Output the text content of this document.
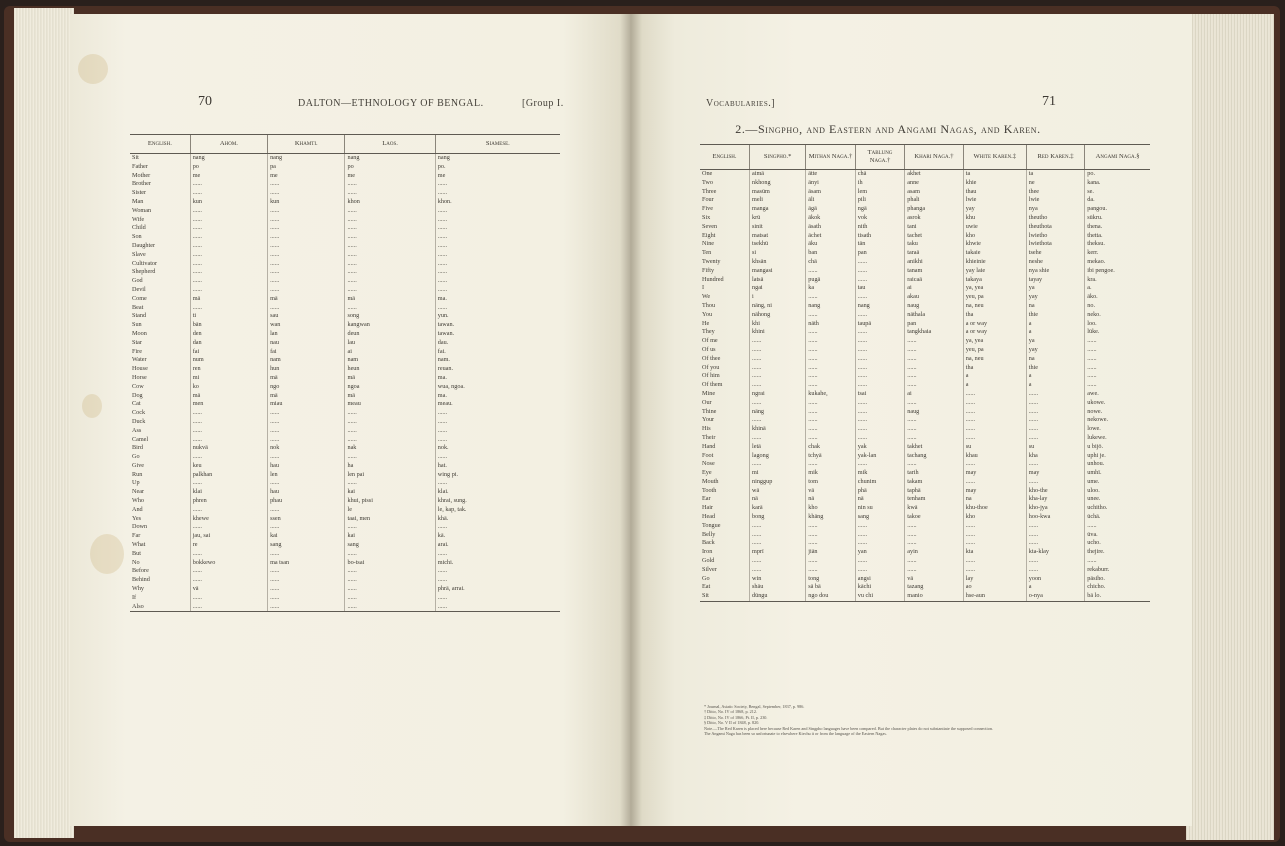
70	DALTON—ETHNOLOGY OF BENGAL.	[Group I.
English.	Ahom.	Khamti.	Laos.	Siamese.
Sit	nang	nang	nang	nang
Father	po	pa	po	po.
Mother	me	me	me	me
Brother	......	......	......	......
Sister	......	......	......	......
Man	kun	kun	khon	khon.
Woman	......	......	......	......
Wife	......	......	......	......
Child	......	......	......	......
Son	......	......	......	......
Daughter	......	......	......	......
Slave	......	......	......	......
Cultivator	......	......	......	......
Shepherd	......	......	......	......
God	......	......	......	......
Devil	......	......	......	......
Come	mā	mā	mā	ma.
Beat	......	......	......	......
Stand	ti	sau	song	yun.
Sun	bān	wan	kangwan	tawan.
Moon	den	lan	deun	tawan.
Star	dan	nau	lau	dau.
Fire	fai	fai	ai	fai.
Water	num	nam	nam	nam.
House	ren	hun	heun	reuan.
Horse	mi	mā	mā	ma.
Cow	ko	ngo	ngoa	wua, ngoa.
Dog	mā	mā	mā	ma.
Cat	men	miau	meau	meau.
Cock	......	......	......	......
Duck	......	......	......	......
Ass	......	......	......	......
Camel	......	......	......	......
Bird	nukvā	nok	nak	nok.
Go	......	......	......	......
Give	keu	hau	ha	hat.
Run	palkhan	len	len pai	wing pi.
Up	......	......	......	......
Near	klai	hau	kai	klai.
Who	phren	phau	khui, pissi	khrai, sung.
And	......	......	le	le, kap, tak.
Yes	khewe	ssen	taai, men	khā.
Down	......	......	......	......
Far	jau, sai	kai	kai	kā.
What	re	sang	sang	arai.
But	......	......	......	......
No	bokkewo	ma tsan	bo-tsai	michi.
Before	......	......	......	......
Behind	......	......	......	......
Why	vā	......	......	phrā, arrai.
If	......	......	......	......
Also	......	......	......	......
Vocabularies.]	71
2.—Singpho, and Eastern and Angami Nagas, and Karen.
English.	Singpho.*	Mithan Naga.†	Tablung Naga.†	Khari Naga.†	White Karen.‡	Red Karen.‡	Angami Naga.§
One	aimā	ātte	chā	akhet	ta	ta	po.
Two	nkhong	ānyi	ih	anne	khie	ne	kana.
Three	masūm	āsam	lem	asam	thau	thee	se.
Four	meli	āli	pili	phali	lwie	lwie	da.
Five	manga	āgā	ngā	phanga	yay	nya	pangou.
Six	krū	ākok	vok	asrok	khu	theutho	sūkru.
Seven	sinit	āsath	nith	tani	uwie	theuthota	thena.
Eight	matsat	āchet	tisath	tachet	kho	lwietho	thetta.
Nine	tsekhū	āku	tān	taku	khwie	lwiethota	theksu.
Ten	si	ban	pan	taraā	takaie	tsehe	kerr.
Twenty	khsān	chā	......	anikhi	khieinie	neshe	mekao.
Fifty	mangasi	......	......	tanam	yay laie	nya shie	ibi pengoe.
Hundred	latsā	pugā	......	raicaā	takaya	tayay	kra.
I	ngai	ka	tau	ai	ya, yea	ya	a.
We	i	......	......	akau	yeu, pa	yay	āko.
Thou	nāng, ni	nang	nang	naug	na, neu	na	no.
You	nāhong	......	......	nāthala	tha	thie	neko.
He	khi	nāth	taupā	pan	a or way	a	loo.
They	khini	......	......	tangkhaia	a or way	a	lūke.
Of me	......	......	......	......	ya, yea	ya	......
Of us	......	......	......	......	yeu, pa	yay	......
Of thee	......	......	......	......	na, neu	na	......
Of you	......	......	......	......	tha	thie	......
Of him	......	......	......	......	a	a	......
Of them	......	......	......	......	a	a	......
Mine	ngrai	kukahe,	tsai	ai	......	......	awe.
Our	......	......	......	......	......	......	ukowe.
Thine	nāng	......	......	naug	......	......	nowe.
Your	......	......	......	......	......	......	nekowe.
His	khinā	......	......	......	......	......	lowe.
Their	......	......	......	......	......	......	lukewe.
Hand	letā	chak	yak	takhet	su	su	u bijō.
Foot	lagong	tchyā	yak-lan	tachang	khau	kha	uphi je.
Nose	......	......	......	......	......	......	unhou.
Eye	mi	mik	mik	tarih	may	may	umhī.
Mouth	ninggup	tom	chunim	takam	......	......	ume.
Tooth	wā	vā	phā	taphā	may	kho-the	uloo.
Ear	nā	nā	nā	tenham	na	kha-lay	unee.
Hair	karā	kho	nin su	kwā	khu-thoe	kho-jya	uchitho.
Head	bong	khāng	sang	takoe	kho	hoo-kwa	ūchā.
Tongue	......	......	......	......	......	......	......
Belly	......	......	......	......	......	......	ūva.
Back	......	......	......	......	......	......	ucho.
Iron	mprī	jiān	yan	ayin	kta	kta-klay	thejire.
Gold	......	......	......	......	......	......	......
Silver	......	......	......	......	......	......	rekaburr.
Go	win	tong	angsi	vā	lay	yoon	pāsiho.
Eat	shāu	sā bā	kāchi	tazang	ao	a	chicho.
Sit	dūngu	ngo dou	vu chi	manio	hse-aun	o-nya	bā lo.
* Journal, Asiatic Society, Bengal, September, 1837, p. 986.
† Ditto, No. IV of 1868, p. 212.
‡ Ditto, No. IV of 1866, Pt. II, p. 230.
§ Ditto, No. V II of 1848, p. 820.
Note.—The Red Karen is placed here because Red Karen and Singpho languages have been compared. But the character plates do not substantiate the supposed connection.
The Angami Naga has been so unfortunate to elsewhere Kiechu it or from the language of the Eastern Nagas.
